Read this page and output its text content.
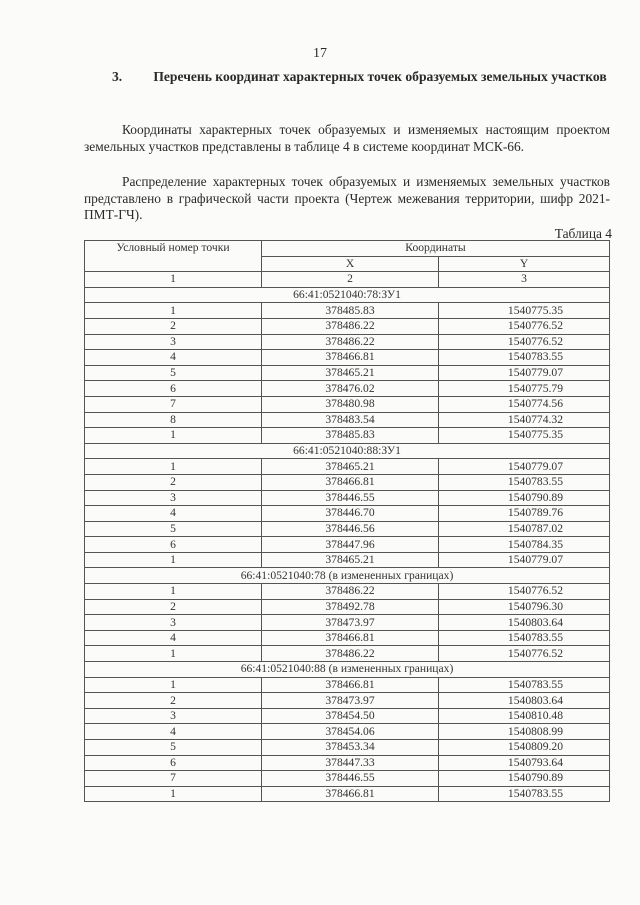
17
3.	Перечень координат характерных точек образуемых земельных участков

Координаты характерных точек образуемых и изменяемых настоящим проектом земельных участков представлены в таблице 4 в системе координат МСК-66.

Распределение характерных точек образуемых и изменяемых земельных участков представлено в графической части проекта (Чертеж межевания территории, шифр 2021-ПМТ-ГЧ).

Таблица 4
Условный номер точки	Координаты	
	X	Y
1	2	3
66:41:0521040:78:ЗУ1		
1	378485.83	1540775.35
2	378486.22	1540776.52
3	378486.22	1540776.52
4	378466.81	1540783.55
5	378465.21	1540779.07
6	378476.02	1540775.79
7	378480.98	1540774.56
8	378483.54	1540774.32
1	378485.83	1540775.35
66:41:0521040:88:ЗУ1		
1	378465.21	1540779.07
2	378466.81	1540783.55
3	378446.55	1540790.89
4	378446.70	1540789.76
5	378446.56	1540787.02
6	378447.96	1540784.35
1	378465.21	1540779.07
66:41:0521040:78 (в измененных границах)		
1	378486.22	1540776.52
2	378492.78	1540796.30
3	378473.97	1540803.64
4	378466.81	1540783.55
1	378486.22	1540776.52
66:41:0521040:88 (в измененных границах)		
1	378466.81	1540783.55
2	378473.97	1540803.64
3	378454.50	1540810.48
4	378454.06	1540808.99
5	378453.34	1540809.20
6	378447.33	1540793.64
7	378446.55	1540790.89
1	378466.81	1540783.55
